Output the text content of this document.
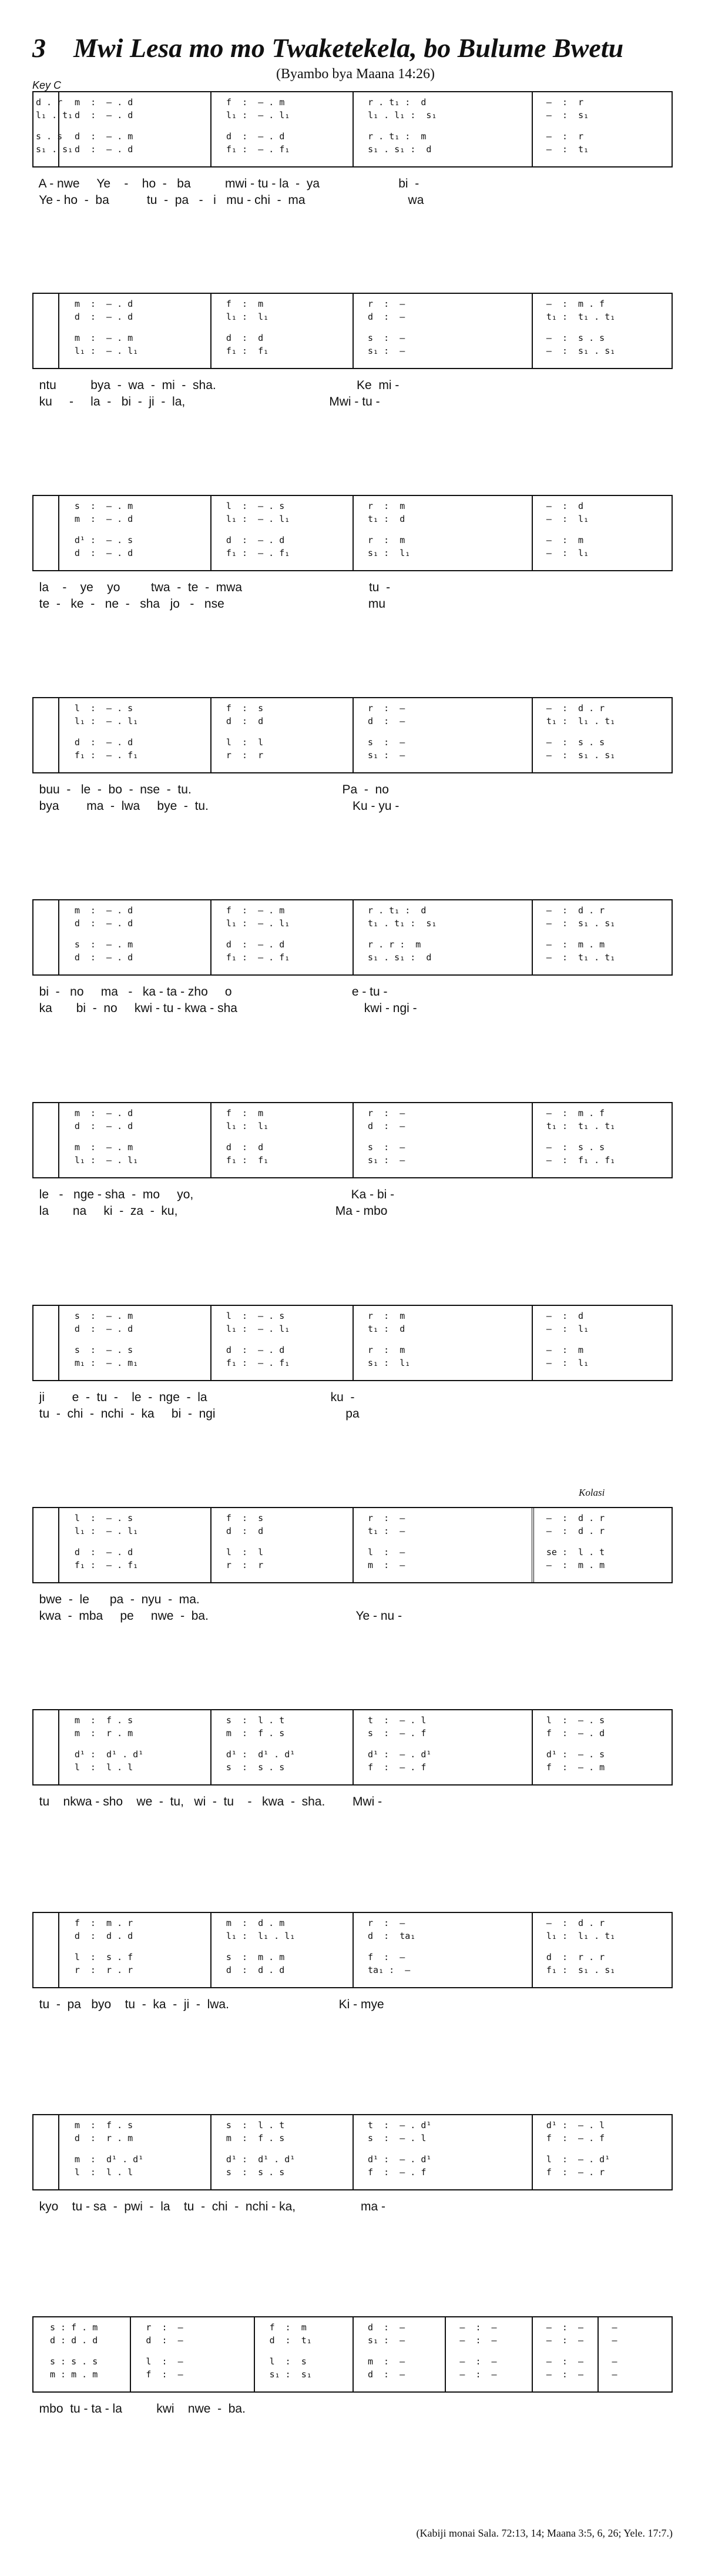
3 Mwi Lesa mo mo Twaketekela, bo Bulume Bwetu
(Byambo bya Maana 14:26)
Key C
d . r	m  :  – . d	f  :  – . m	r . t₁ :  d	—  :  r
l₁ . t₁ d  :  – . d	l₁ :  – . l₁	l₁ . l₁ :  s₁	—  :  s₁
s . s	d  :  – . m	d  :  – . d	r . t₁ :  m	—  :  r
s₁ . s₁ d  :  – . d	f₁ :  – . f₁	s₁ . s₁ :  d	—  :  t₁
A - nwe     Ye    -    ho  -   ba          mwi - tu - la  -  ya                       bi  -
Ye - ho  -  ba           tu  -  pa   -   i   mu - chi  -  ma                              wa
m  :  – . d	f  :  m	r  :  —	—  :  m . f
d  :  – . d	l₁ :  l₁	d  :  —	t₁ :  t₁ . t₁
m  :  – . m	d  :  d	s  :  —	—  :  s . s
l₁ :  – . l₁	f₁ :  f₁	s₁ :  —	—  :  s₁ . s₁
ntu          bya  -  wa  -  mi  -  sha.                                         Ke  mi -
ku     -     la  -   bi  -  ji  -  la,                                          Mwi - tu -
s  :  – . m	l  :  – . s	r  :  m	—  :  d
m  :  – . d	l₁ :  – . l₁	t₁ :  d	—  :  l₁
d¹ :  – . s	d  :  – . d	r  :  m	—  :  m
d  :  – . d	f₁ :  – . f₁	s₁ :  l₁	—  :  l₁
la    -    ye    yo         twa  -  te  -  mwa                                     tu  -
te  -   ke  -   ne  -   sha   jo   -   nse                                          mu
l  :  – . s	f  :  s	r  :  —	—  :  d . r
l₁ :  – . l₁	d  :  d	d  :  —	t₁ :  l₁ . t₁
d  :  – . d	l  :  l	s  :  —	—  :  s . s
f₁ :  – . f₁	r  :  r	s₁ :  —	—  :  s₁ . s₁
buu  -   le  -  bo  -  nse  -  tu.                                            Pa  -  no
bya        ma  -  lwa     bye  -  tu.                                          Ku - yu -
m  :  – . d	f  :  – . m	r . t₁ :  d	—  :  d . r
d  :  – . d	l₁ :  – . l₁	t₁ . t₁ :  s₁	—  :  s₁ . s₁
s  :  – . m	d  :  – . d	r . r :  m	—  :  m . m
d  :  – . d	f₁ :  – . f₁	s₁ . s₁ :  d	—  :  t₁ . t₁
bi  -   no     ma   -   ka - ta - zho     o                                   e - tu -
ka       bi  -  no     kwi - tu - kwa - sha                                     kwi - ngi -
m  :  – . d	f  :  m	r  :  —	—  :  m . f
d  :  – . d	l₁ :  l₁	d  :  —	t₁ :  t₁ . t₁
m  :  – . m	d  :  d	s  :  —	—  :  s . s
l₁ :  – . l₁	f₁ :  f₁	s₁ :  —	—  :  f₁ . f₁
le   -   nge - sha  -  mo     yo,                                              Ka - bi -
la       na     ki  -  za  -  ku,                                              Ma - mbo
s  :  – . m	l  :  – . s	r  :  m	—  :  d
d  :  – . d	l₁ :  – . l₁	t₁ :  d	—  :  l₁
s  :  – . s	d  :  – . d	r  :  m	—  :  m
m₁ :  – . m₁	f₁ :  – . f₁	s₁ :  l₁	—  :  l₁
ji        e  -  tu  -    le  -  nge  -  la                                    ku  -
tu  -  chi  -  nchi  -  ka     bi  -  ngi                                      pa
l  :  – . s	f  :  s	r  :  —	—  :  d . r
l₁ :  – . l₁	d  :  d	t₁ :  —	—  :  d . r
d  :  – . d	l  :  l	l  :  —	se :  l . t
f₁ :  – . f₁	r  :  r	m  :  —	—  :  m . m
bwe  -  le      pa  -  nyu  -  ma.
kwa  -  mba     pe     nwe  -  ba.                                           Ye - nu -
m  :  f . s	s  :  l . t	t  :  – . l	l  :  – . s
m  :  r . m	m  :  f . s	s  :  – . f	f  :  – . d
d¹ :  d¹ . d¹	d¹ :  d¹ . d¹	d¹ :  – . d¹	d¹ :  – . s
l  :  l . l	s  :  s . s	f  :  – . f	f  :  – . m
tu    nkwa - sho    we  -  tu,   wi  -  tu    -   kwa  -  sha.        Mwi -
f  :  m . r	m  :  d . m	r  :  —	—  :  d . r
d  :  d . d	l₁ :  l₁ . l₁	d  :  ta₁	l₁ :  l₁ . t₁
l  :  s . f	s  :  m . m	f  :  —	d  :  r . r
r  :  r . r	d  :  d . d	ta₁ :  —	f₁ :  s₁ . s₁
tu  -  pa   byo    tu  -  ka  -  ji  -  lwa.                                Ki - mye
m  :  f . s	s  :  l . t	t  :  – . d¹	d¹ :  – . l
d  :  r . m	m  :  f . s	s  :  – . l	f  :  – . f
m  :  d¹ . d¹	d¹ :  d¹ . d¹	d¹ :  – . d¹	l  :  – . d¹
l  :  l . l	s  :  s . s	f  :  – . f	f  :  – . r
kyo    tu - sa  -  pwi  -  la    tu  -  chi  -  nchi - ka,                   ma -
s : f . m	r  :  —	f  :  m	d  :  —	—  :  —	—  :  —	—
d : d . d	d  :  —	d  :  t₁	s₁ :  —	—  :  —	—  :  —	—
s : s . s	l  :  —	l  :  s	m  :  —	—  :  —	—  :  —	—
m : m . m	f  :  —	s₁ :  s₁	d  :  —	—  :  —	—  :  —	—
mbo  tu - ta - la          kwi    nwe  -  ba.
Kolasi
(Kabiji monai Sala. 72:13, 14; Maana 3:5, 6, 26; Yele. 17:7.)
